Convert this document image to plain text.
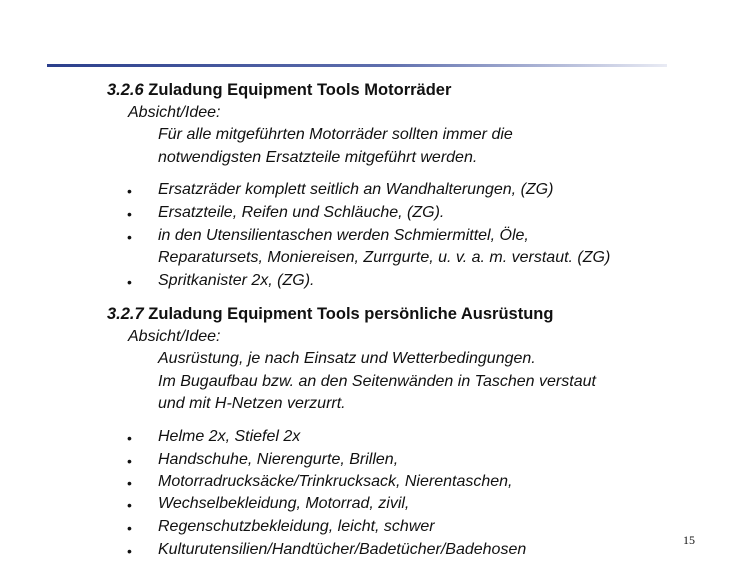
3.2.6 Zuladung Equipment Tools Motorräder
Absicht/Idee:
Für alle mitgeführten Motorräder sollten immer die
notwendigsten Ersatzteile mitgeführt werden.
• Ersatzräder komplett seitlich an Wandhalterungen, (ZG)
• Ersatzteile, Reifen und Schläuche, (ZG).
• in den Utensilientaschen werden Schmiermittel, Öle,
Reparatursets, Moniereisen, Zurrgurte, u. v. a. m. verstaut. (ZG)
• Spritkanister 2x, (ZG).
3.2.7 Zuladung Equipment Tools persönliche Ausrüstung
Absicht/Idee:
Ausrüstung, je nach Einsatz und Wetterbedingungen.
Im Bugaufbau bzw. an den Seitenwänden in Taschen verstaut
und mit H-Netzen verzurrt.
• Helme 2x, Stiefel 2x
• Handschuhe, Nierengurte, Brillen,
• Motorradrucksäcke/Trinkrucksack, Nierentaschen,
• Wechselbekleidung, Motorrad, zivil,
• Regenschutzbekleidung, leicht, schwer
• Kulturutensilien/Handtücher/Badetücher/Badehosen
15
